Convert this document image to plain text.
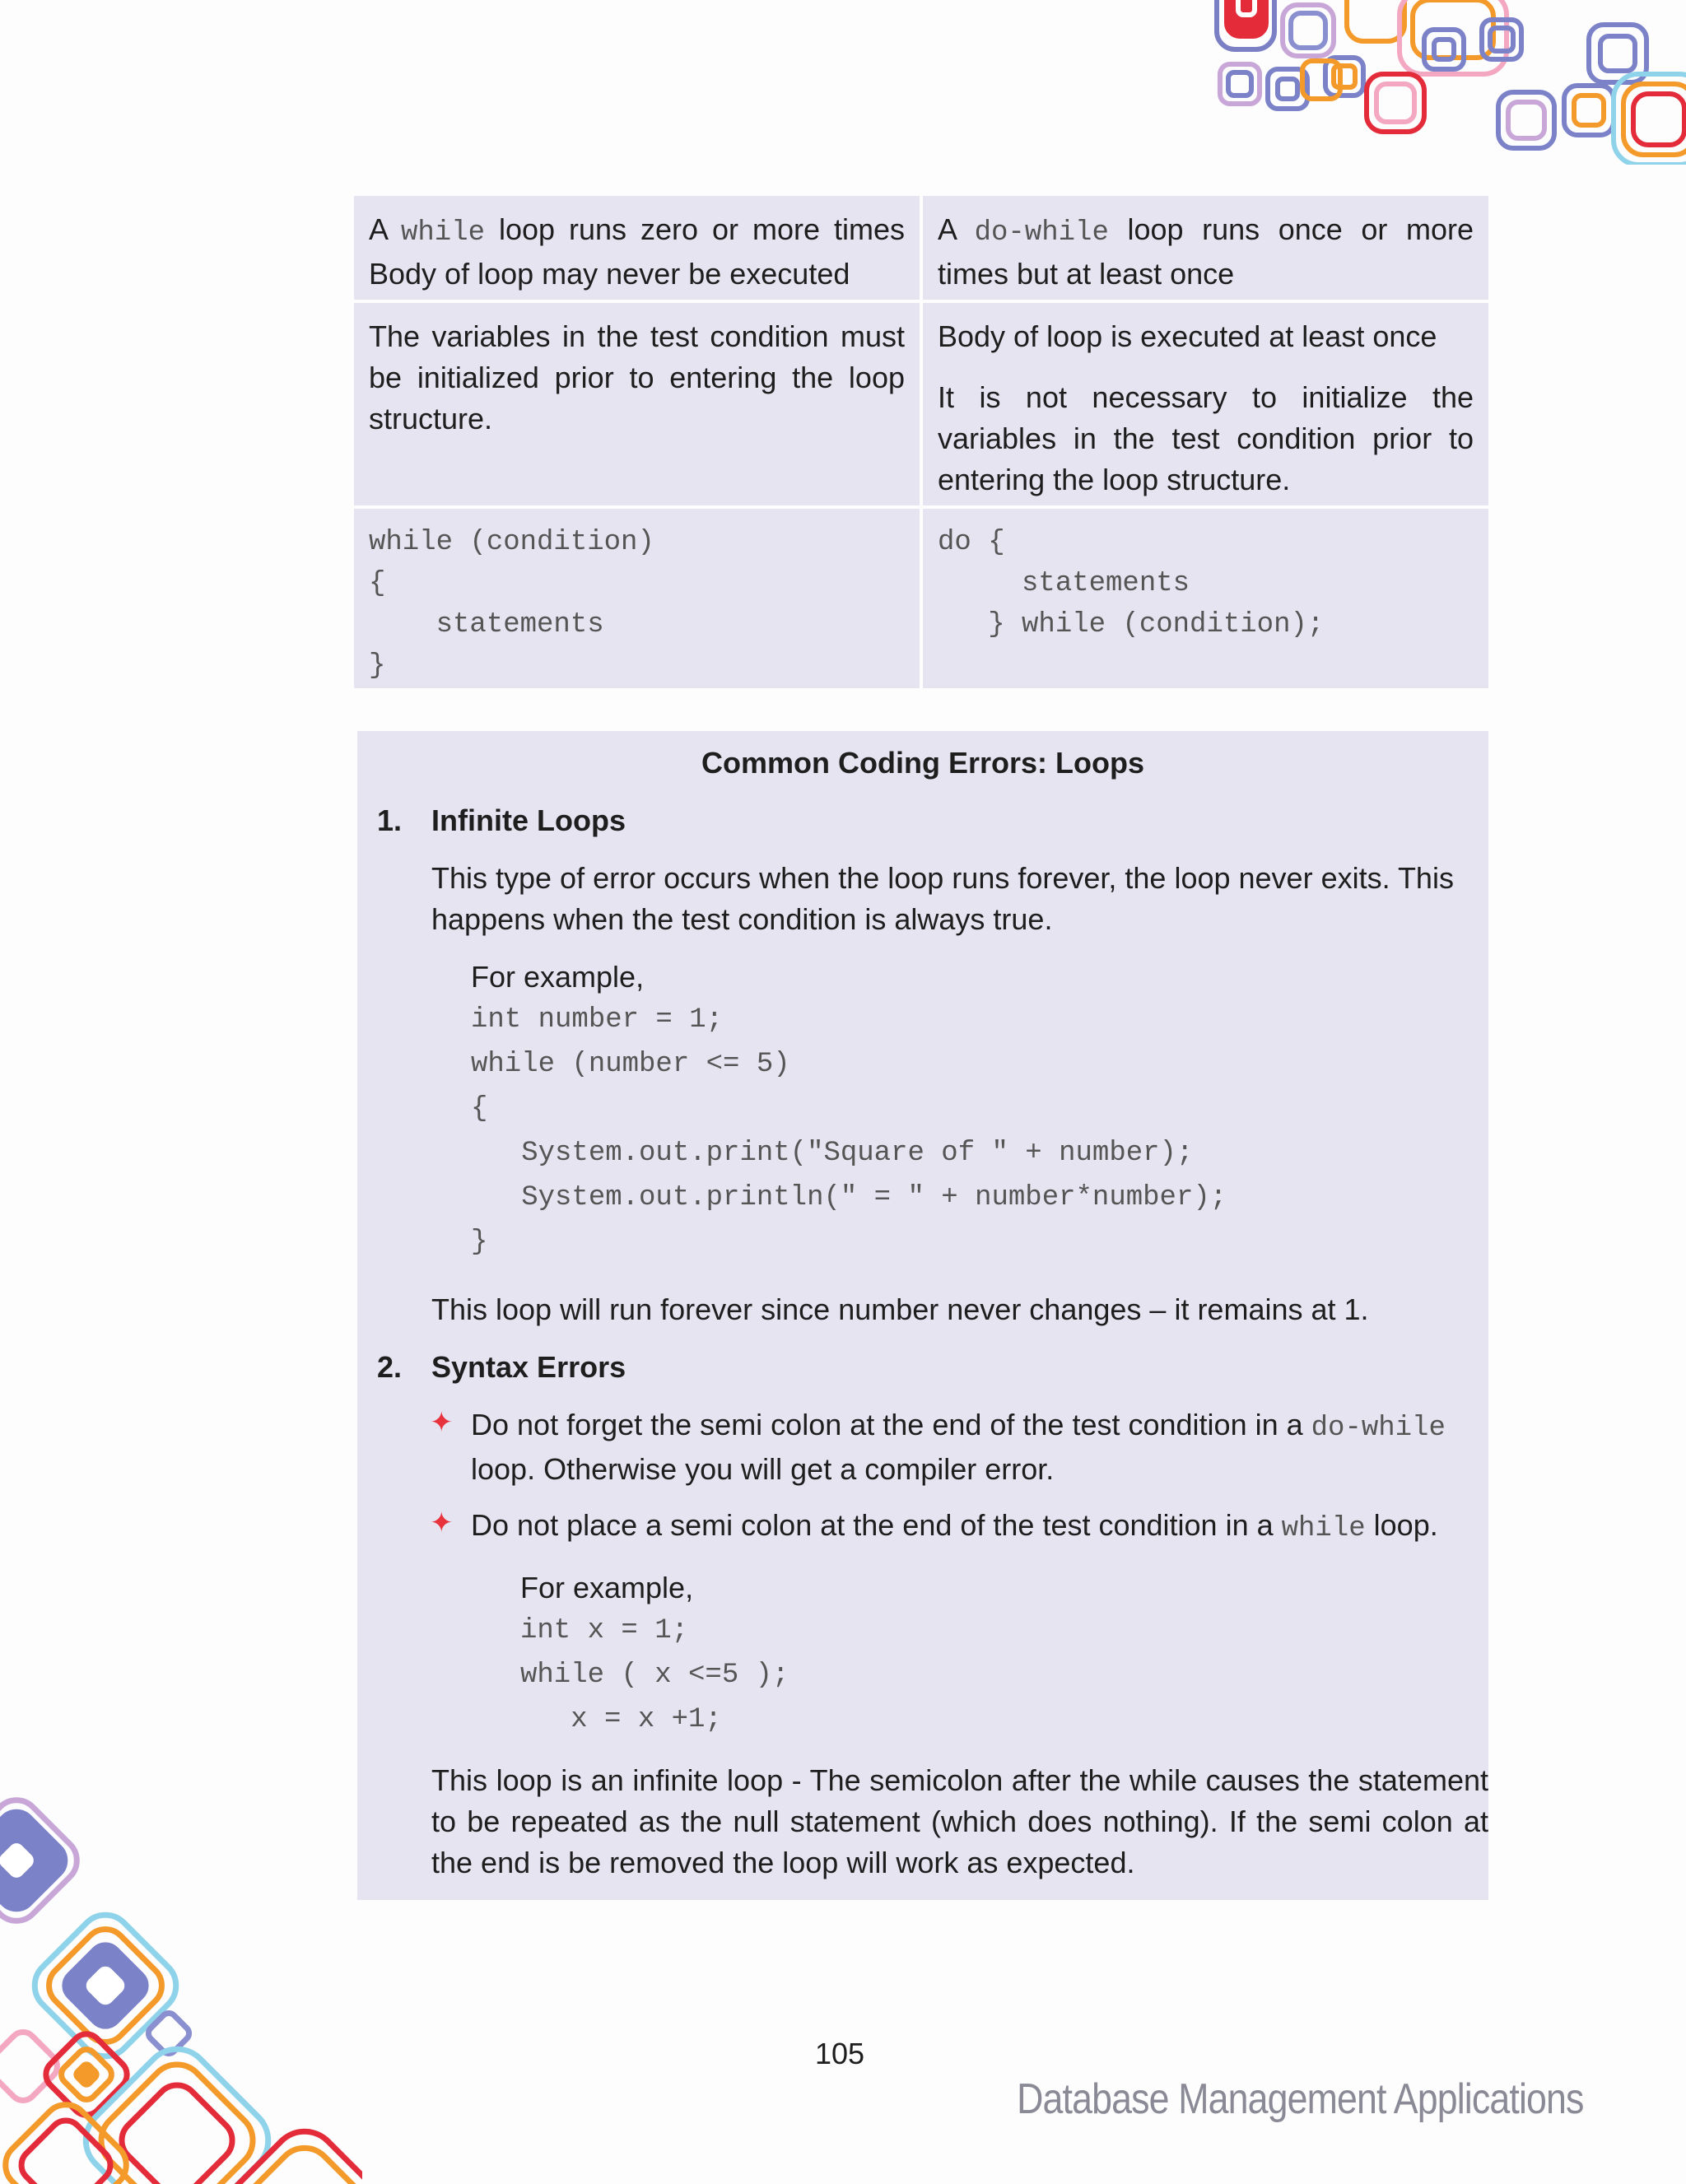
A while loop runs zero or more times Body of loop may never be executed
A do-while loop runs once or more times but at least once

The variables in the test condition must be initialized prior to entering the loop structure.

Body of loop is executed at least once

It is not necessary to initialize the variables in the test condition prior to entering the loop structure.

while (condition)
{
statements
}
do {
statements
} while (condition);
Common Coding Errors: Loops
1. Infinite Loops
This type of error occurs when the loop runs forever, the loop never exits. This happens when the test condition is always true.
For example,
int number = 1;
while (number <= 5)
{
System.out.print("Square of " + number);
System.out.println(" = " + number*number);
}
This loop will run forever since number never changes – it remains at 1.
2. Syntax Errors
✦ Do not forget the semi colon at the end of the test condition in a do-while loop. Otherwise you will get a compiler error.
✦ Do not place a semi colon at the end of the test condition in a while loop.
For example,
int x = 1;
while ( x <=5 );
x = x +1;
This loop is an infinite loop - The semicolon after the while causes the statement to be repeated as the null statement (which does nothing). If the semi colon at the end is be removed the loop will work as expected.
105
Database Management Applications
